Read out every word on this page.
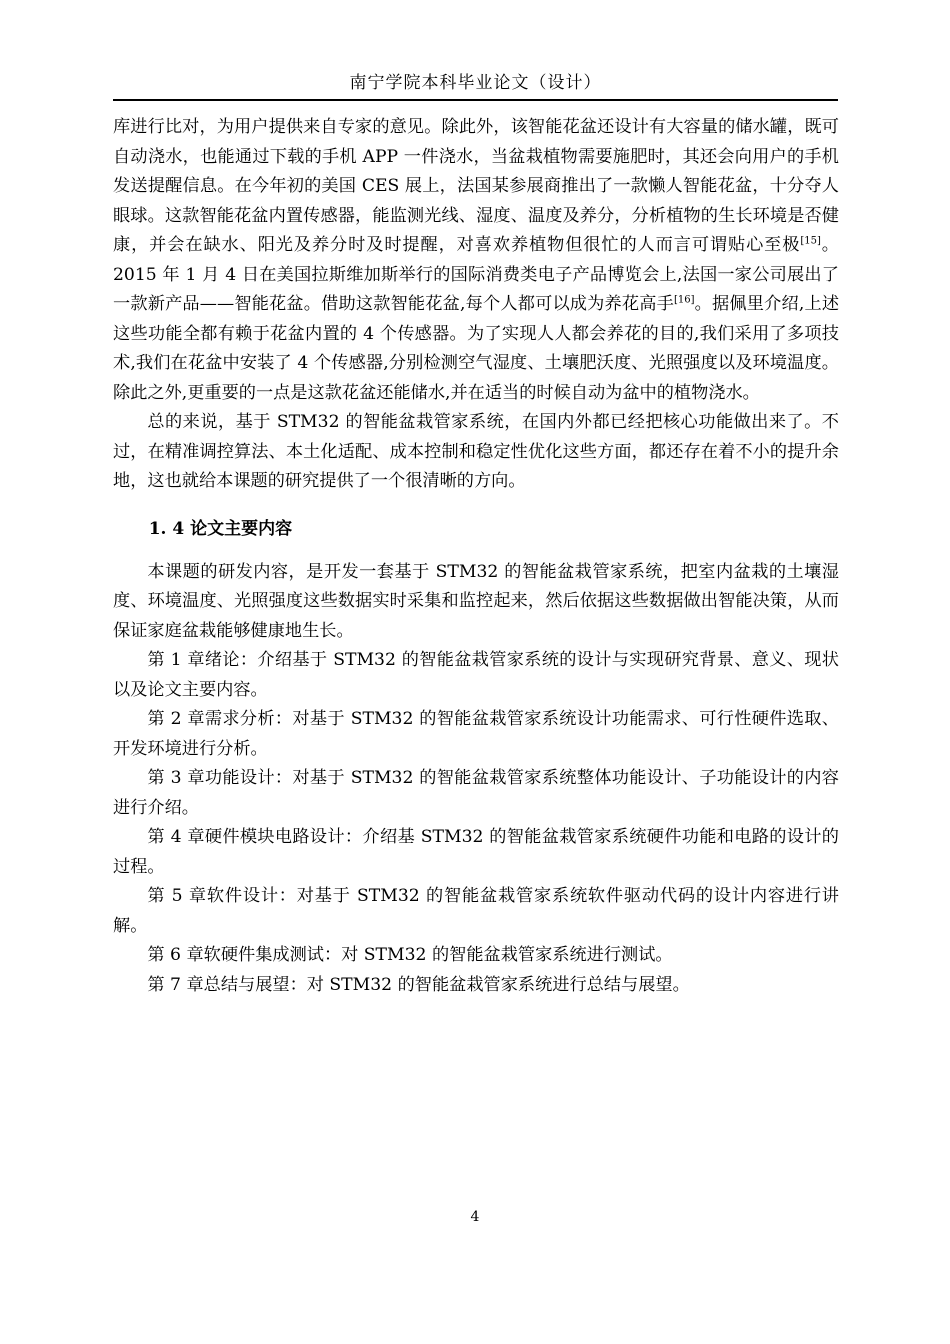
南宁学院本科毕业论文（设计）

库进行比对，为用户提供来自专家的意见。除此外，该智能花盆还设计有大容量的储水罐，既可自动浇水，也能通过下载的手机 APP 一件浇水，当盆栽植物需要施肥时，其还会向用户的手机发送提醒信息。在今年初的美国 CES 展上，法国某参展商推出了一款懒人智能花盆，十分夺人眼球。这款智能花盆内置传感器，能监测光线、湿度、温度及养分，分析植物的生长环境是否健康，并会在缺水、阳光及养分时及时提醒，对喜欢养植物但很忙的人而言可谓贴心至极[15]。2015 年 1 月 4 日在美国拉斯维加斯举行的国际消费类电子产品博览会上,法国一家公司展出了一款新产品——智能花盆。借助这款智能花盆,每个人都可以成为养花高手[16]。据佩里介绍,上述这些功能全都有赖于花盆内置的 4 个传感器。为了实现人人都会养花的目的,我们采用了多项技术,我们在花盆中安装了 4 个传感器,分别检测空气湿度、土壤肥沃度、光照强度以及环境温度。除此之外,更重要的一点是这款花盆还能储水,并在适当的时候自动为盆中的植物浇水。

总的来说，基于 STM32 的智能盆栽管家系统，在国内外都已经把核心功能做出来了。不过，在精准调控算法、本土化适配、成本控制和稳定性优化这些方面，都还存在着不小的提升余地，这也就给本课题的研究提供了一个很清晰的方向。

1. 4 论文主要内容

本课题的研发内容，是开发一套基于 STM32 的智能盆栽管家系统，把室内盆栽的土壤湿度、环境温度、光照强度这些数据实时采集和监控起来，然后依据这些数据做出智能决策，从而保证家庭盆栽能够健康地生长。

第 1 章绪论：介绍基于 STM32 的智能盆栽管家系统的设计与实现研究背景、意义、现状以及论文主要内容。

第 2 章需求分析：对基于 STM32 的智能盆栽管家系统设计功能需求、可行性硬件选取、开发环境进行分析。

第 3 章功能设计：对基于 STM32 的智能盆栽管家系统整体功能设计、子功能设计的内容进行介绍。

第 4 章硬件模块电路设计：介绍基 STM32 的智能盆栽管家系统硬件功能和电路的设计的过程。

第 5 章软件设计：对基于 STM32 的智能盆栽管家系统软件驱动代码的设计内容进行讲解。

第 6 章软硬件集成测试：对 STM32 的智能盆栽管家系统进行测试。

第 7 章总结与展望：对 STM32 的智能盆栽管家系统进行总结与展望。

4
